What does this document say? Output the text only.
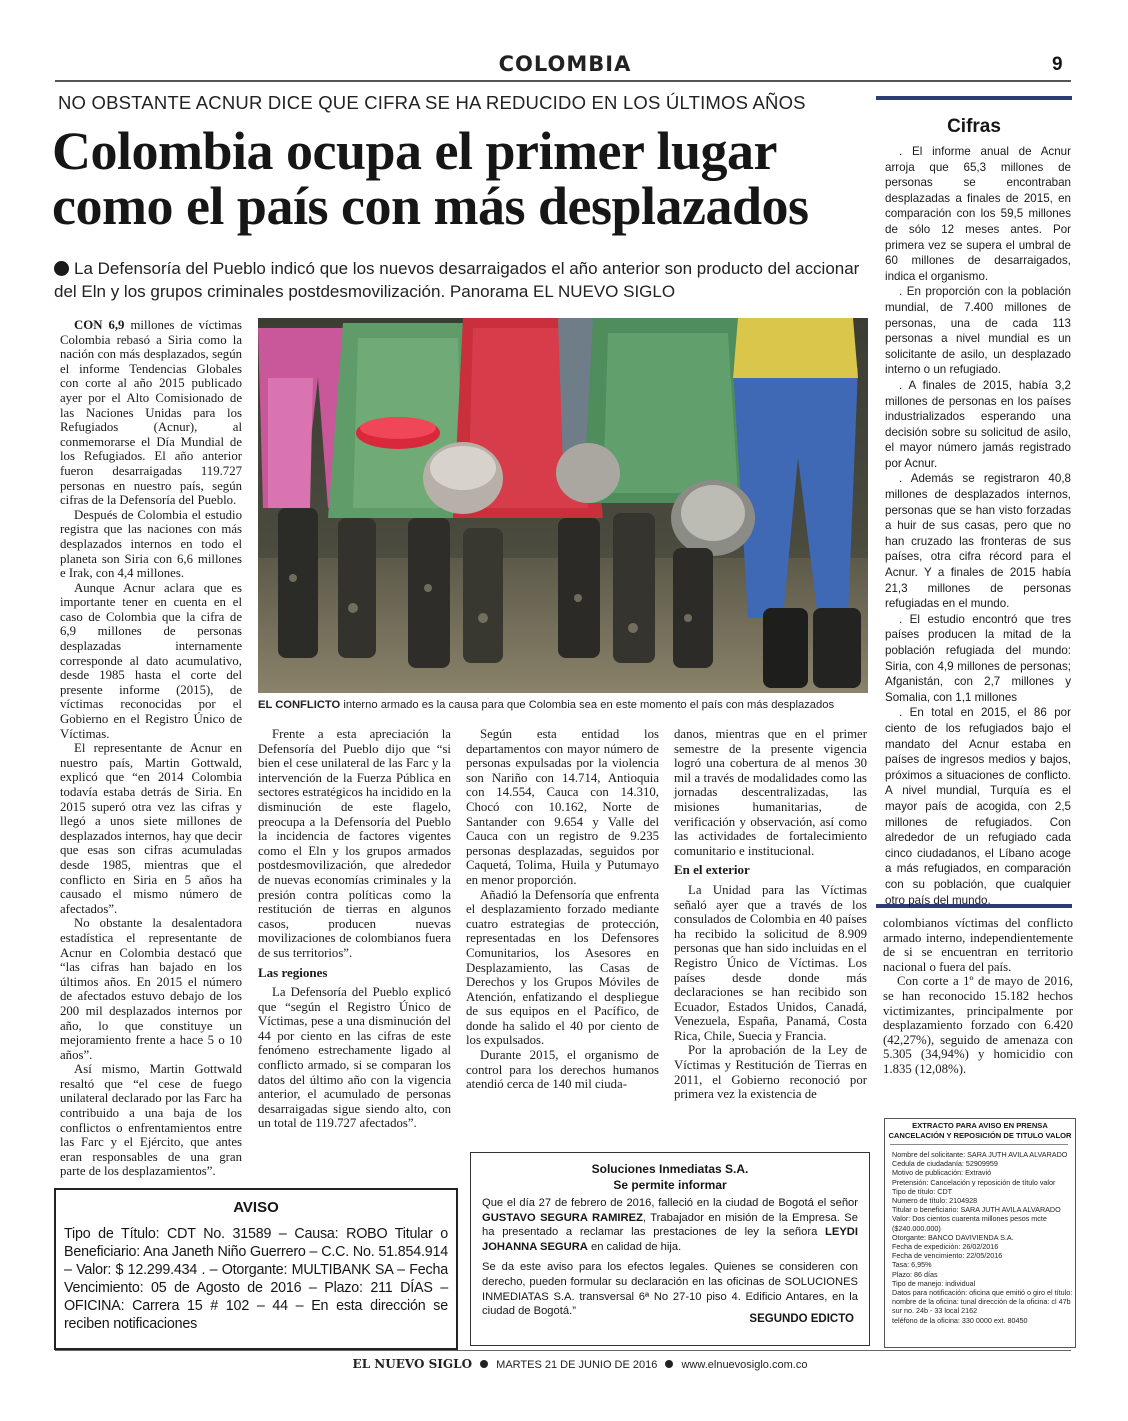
COLOMBIA	9
NO OBSTANTE ACNUR DICE QUE CIFRA SE HA REDUCIDO EN LOS ÚLTIMOS AÑOS
Colombia ocupa el primer lugar
como el país con más desplazados
La Defensoría del Pueblo indicó que los nuevos desarraigados el año anterior son producto del accionar del Eln y los grupos criminales postdesmovilización. Panorama EL NUEVO SIGLO

CON 6,9 millones de víctimas Colombia rebasó a Siria como la nación con más desplazados, según el informe Tendencias Globales con corte al año 2015 publicado ayer por el Alto Comisionado de las Naciones Unidas para los Refugiados (Acnur), al conmemorarse el Día Mundial de los Refugiados. El año anterior fueron desarraigadas 119.727 personas en nuestro país, según cifras de la Defensoría del Pueblo.

Después de Colombia el estudio registra que las naciones con más desplazados internos en todo el planeta son Siria con 6,6 millones e Irak, con 4,4 millones.

Aunque Acnur aclara que es importante tener en cuenta en el caso de Colombia que la cifra de 6,9 millones de personas desplazadas internamente corresponde al dato acumulativo, desde 1985 hasta el corte del presente informe (2015), de víctimas reconocidas por el Gobierno en el Registro Único de Víctimas.

El representante de Acnur en nuestro país, Martin Gottwald, explicó que “en 2014 Colombia todavía estaba detrás de Siria. En 2015 superó otra vez las cifras y llegó a unos siete millones de desplazados internos, hay que decir que esas son cifras acumuladas desde 1985, mientras que el conflicto en Siria en 5 años ha causado el mismo número de afectados”.

No obstante la desalentadora estadística el representante de Acnur en Colombia destacó que “las cifras han bajado en los últimos años. En 2015 el número de afectados estuvo debajo de los 200 mil desplazados internos por año, lo que constituye un mejoramiento frente a hace 5 o 10 años”.

Así mismo, Martin Gottwald resaltó que “el cese de fuego unilateral declarado por las Farc ha contribuido a una baja de los conflictos o enfrentamientos entre las Farc y el Ejército, que antes eran responsables de una gran parte de los desplazamientos”.

EL CONFLICTO interno armado es la causa para que Colombia sea en este momento el país con más desplazados

Frente a esta apreciación la Defensoría del Pueblo dijo que “si bien el cese unilateral de las Farc y la intervención de la Fuerza Pública en sectores estratégicos ha incidido en la disminución de este flagelo, preocupa a la Defensoría del Pueblo la incidencia de factores vigentes como el Eln y los grupos armados postdesmovilización, que alrededor de nuevas economías criminales y la presión contra políticas como la restitución de tierras en algunos casos, producen nuevas movilizaciones de colombianos fuera de sus territorios”.

Las regiones

La Defensoría del Pueblo explicó que “según el Registro Único de Víctimas, pese a una disminución del 44 por ciento en las cifras de este fenómeno estrechamente ligado al conflicto armado, si se comparan los datos del último año con la vigencia anterior, el acumulado de personas desarraigadas sigue siendo alto, con un total de 119.727 afectados”.

Según esta entidad los departamentos con mayor número de personas expulsadas por la violencia son Nariño con 14.714, Antioquia con 14.554, Cauca con 14.310, Chocó con 10.162, Norte de Santander con 9.654 y Valle del Cauca con un registro de 9.235 personas desplazadas, seguidos por Caquetá, Tolima, Huila y Putumayo en menor proporción.

Añadió la Defensoría que enfrenta el desplazamiento forzado mediante cuatro estrategias de protección, representadas en los Defensores Comunitarios, los Asesores en Desplazamiento, las Casas de Derechos y los Grupos Móviles de Atención, enfatizando el despliegue de sus equipos en el Pacífico, de donde ha salido el 40 por ciento de los expulsados.

Durante 2015, el organismo de control para los derechos humanos atendió cerca de 140 mil ciuda-

danos, mientras que en el primer semestre de la presente vigencia logró una cobertura de al menos 30 mil a través de modalidades como las jornadas descentralizadas, las misiones humanitarias, de verificación y observación, así como las actividades de fortalecimiento comunitario e institucional.

En el exterior

La Unidad para las Víctimas señaló ayer que a través de los consulados de Colombia en 40 países ha recibido la solicitud de 8.909 personas que han sido incluidas en el Registro Único de Víctimas. Los países desde donde más declaraciones se han recibido son Ecuador, Estados Unidos, Canadá, Venezuela, España, Panamá, Costa Rica, Chile, Suecia y Francia.

Por la aprobación de la Ley de Víctimas y Restitución de Tierras en 2011, el Gobierno reconoció por primera vez la existencia de

colombianos víctimas del conflicto armado interno, independientemente de si se encuentran en territorio nacional o fuera del país.

Con corte a 1º de mayo de 2016, se han reconocido 15.182 hechos victimizantes, principalmente por desplazamiento forzado con 6.420 (42,27%), seguido de amenaza con 5.305 (34,94%) y homicidio con 1.835 (12,08%).

Cifras

. El informe anual de Acnur arroja que 65,3 millones de personas se encontraban desplazadas a finales de 2015, en comparación con los 59,5 millones de sólo 12 meses antes. Por primera vez se supera el umbral de 60 millones de desarraigados, indica el organismo.

. En proporción con la población mundial, de 7.400 millones de personas, una de cada 113 personas a nivel mundial es un solicitante de asilo, un desplazado interno o un refugiado.

. A finales de 2015, había 3,2 millones de personas en los países industrializados esperando una decisión sobre su solicitud de asilo, el mayor número jamás registrado por Acnur.

. Además se registraron 40,8 millones de desplazados internos, personas que se han visto forzadas a huir de sus casas, pero que no han cruzado las fronteras de sus países, otra cifra récord para el Acnur. Y a finales de 2015 había 21,3 millones de personas refugiadas en el mundo.

. El estudio encontró que tres países producen la mitad de la población refugiada del mundo: Siria, con 4,9 millones de personas; Afganistán, con 2,7 millones y Somalia, con 1,1 millones

. En total en 2015, el 86 por ciento de los refugiados bajo el mandato del Acnur estaba en países de ingresos medios y bajos, próximos a situaciones de conflicto. A nivel mundial, Turquía es el mayor país de acogida, con 2,5 millones de refugiados. Con alrededor de un refugiado cada cinco ciudadanos, el Líbano acoge a más refugiados, en comparación con su población, que cualquier otro país del mundo.

AVISO
Tipo de Título: CDT No. 31589 – Causa: ROBO Titular o Beneficiario: Ana Janeth Niño Guerrero – C.C. No. 51.854.914 – Valor: $ 12.299.434 . – Otorgante: MULTIBANK SA – Fecha Vencimiento: 05 de Agosto de 2016 – Plazo: 211 DÍAS – OFICINA: Carrera 15 # 102 – 44 – En esta dirección se reciben notificaciones
Soluciones Inmediatas S.A.
Se permite informar

Que el día 27 de febrero de 2016, falleció en la ciudad de Bogotá el señor GUSTAVO SEGURA RAMIREZ, Trabajador en misión de la Empresa. Se ha presentado a reclamar las prestaciones de ley la señora LEYDI JOHANNA SEGURA en calidad de hija.

Se da este aviso para los efectos legales. Quienes se consideren con derecho, pueden formular su declaración en las oficinas de SOLUCIONES INMEDIATAS S.A. transversal 6ª No 27-10 piso 4. Edificio Antares, en la ciudad de Bogotá.”

SEGUNDO EDICTO
EXTRACTO PARA AVISO EN PRENSA
CANCELACIÓN Y REPOSICIÓN DE TITULO VALOR
Nombre del solicitante: SARA JUTH AVILA ALVARADO
Cedula de ciudadanía: 52909959
Motivo de publicación: Extravió
Pretensión: Cancelación y reposición de título valor
Tipo de título: CDT
Numero de título: 2104928
Titular o beneficiario: SARA JUTH AVILA ALVARADO
Valor: Dos cientos cuarenta millones pesos mcte
($240.000.000)
Otorgante: BANCO DAVIVIENDA S.A.
Fecha de expedición: 26/02/2016
Fecha de vencimiento: 22/05/2016
Tasa: 6,95%
Plazo: 86 días
Tipo de manejo: individual
Datos para notificación: oficina que emitió o giro el título:
nombre de la oficina: tunal dirección de la oficina: cl 47b
sur no. 24b - 33 local 2162
teléfono de la oficina: 330 0000 ext. 80450
EL NUEVO SIGLO MARTES 21 DE JUNIO DE 2016 www.elnuevosiglo.com.co
